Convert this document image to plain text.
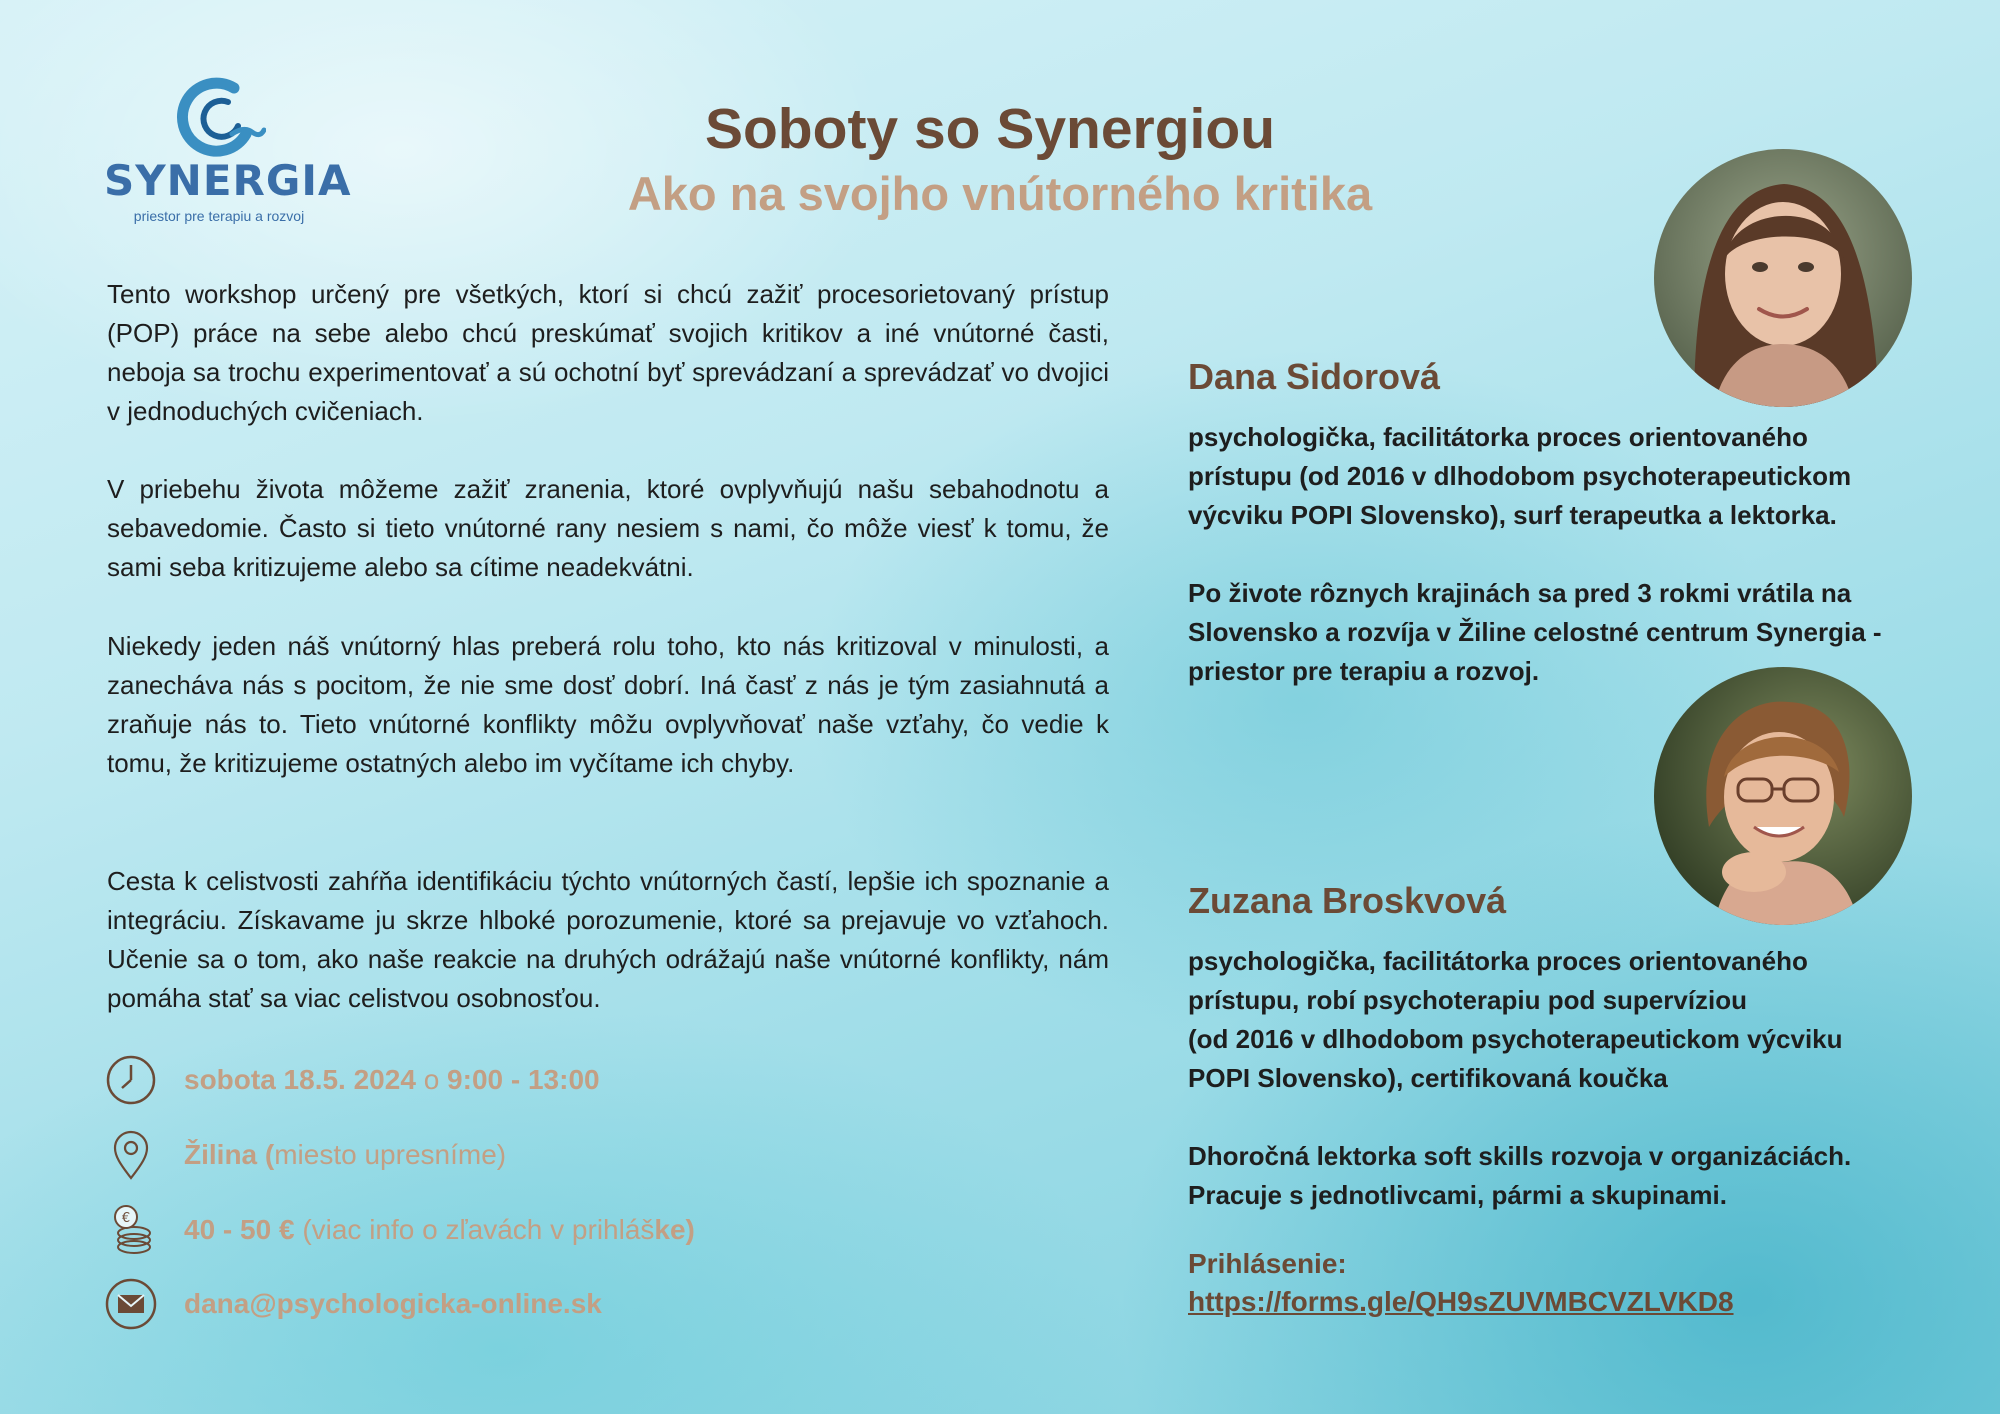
SYNERGIA
priestor pre terapiu a rozvoj
Soboty so Synergiou
Ako na svojho vnútorného kritika
Tento workshop určený pre všetkých, ktorí si chcú zažiť procesorietovaný prístup (POP) práce na sebe alebo chcú preskúmať svojich kritikov a iné vnútorné časti, neboja sa trochu experimentovať a sú ochotní byť sprevádzaní a sprevádzať vo dvojici v jednoduchých cvičeniach.
V priebehu života môžeme zažiť zranenia, ktoré ovplyvňujú našu sebahodnotu a sebavedomie. Často si tieto vnútorné rany nesiem s nami, čo môže viesť k tomu, že sami seba kritizujeme alebo sa cítime neadekvátni.
Niekedy jeden náš vnútorný hlas preberá rolu toho, kto nás kritizoval v minulosti, a zanecháva nás s pocitom, že nie sme dosť dobrí. Iná časť z nás je tým zasiahnutá a zraňuje nás to. Tieto vnútorné konflikty môžu ovplyvňovať naše vzťahy, čo vedie k tomu, že kritizujeme ostatných alebo im vyčítame ich chyby.
Cesta k celistvosti zahŕňa identifikáciu týchto vnútorných častí, lepšie ich spoznanie a integráciu. Získavame ju skrze hlboké porozumenie, ktoré sa prejavuje vo vzťahoch. Učenie sa o tom, ako naše reakcie na druhých odrážajú naše vnútorné konflikty, nám pomáha stať sa viac celistvou osobnosťou.
sobota 18.5. 2024 o 9:00 - 13:00
Žilina (miesto upresníme)
€ 40 - 50 € (viac info o zľavách v prihláške)
dana@psychologicka-online.sk
Dana Sidorová
psychologička, facilitátorka proces orientovaného prístupu (od 2016 v dlhodobom psychoterapeutickom výcviku POPI Slovensko), surf terapeutka a lektorka.
Po živote rôznych krajinách sa pred 3 rokmi vrátila na Slovensko a rozvíja v Žiline celostné centrum Synergia - priestor pre terapiu a rozvoj.
Zuzana Broskvová
psychologička, facilitátorka proces orientovaného prístupu, robí psychoterapiu pod supervíziou
(od 2016 v dlhodobom psychoterapeutickom výcviku POPI Slovensko), certifikovaná koučka
Dhoročná lektorka soft skills rozvoja v organizáciách. Pracuje s jednotlivcami, pármi a skupinami.
Prihlásenie:
https://forms.gle/QH9sZUVMBCVZLVKD8
